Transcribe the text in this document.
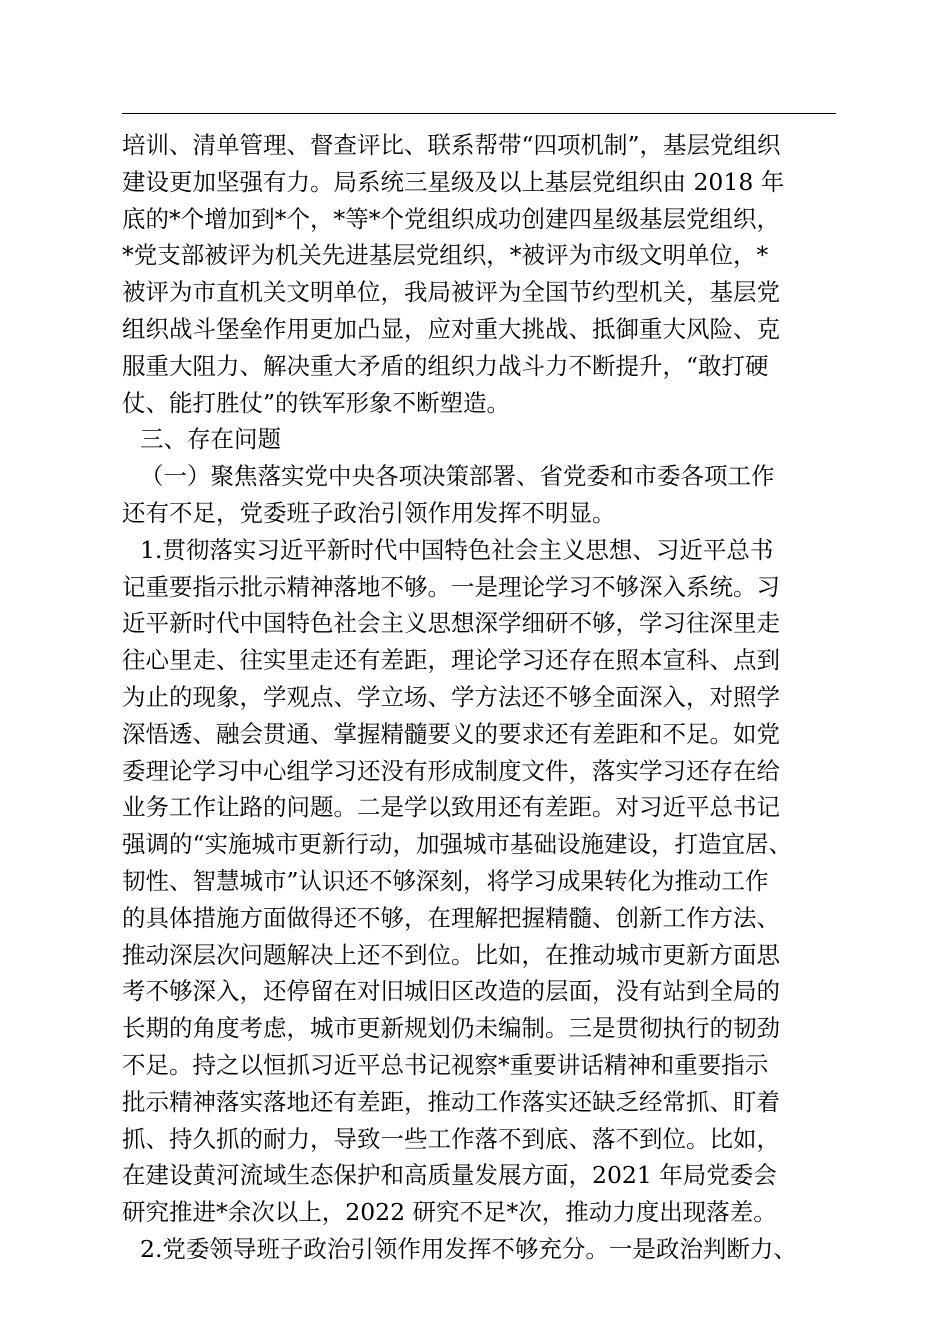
培训、清单管理、督查评比、联系帮带“四项机制”，基层党组织
建设更加坚强有力。局系统三星级及以上基层党组织由 2018 年
底的*个增加到*个，*等*个党组织成功创建四星级基层党组织，
*党支部被评为机关先进基层党组织，*被评为市级文明单位，*
被评为市直机关文明单位，我局被评为全国节约型机关，基层党
组织战斗堡垒作用更加凸显，应对重大挑战、抵御重大风险、克
服重大阻力、解决重大矛盾的组织力战斗力不断提升，“敢打硬
仗、能打胜仗”的铁军形象不断塑造。
三、存在问题
（一）聚焦落实党中央各项决策部署、省党委和市委各项工作
还有不足，党委班子政治引领作用发挥不明显。
1.贯彻落实习近平新时代中国特色社会主义思想、习近平总书
记重要指示批示精神落地不够。一是理论学习不够深入系统。习
近平新时代中国特色社会主义思想深学细研不够，学习往深里走
往心里走、往实里走还有差距，理论学习还存在照本宣科、点到
为止的现象，学观点、学立场、学方法还不够全面深入，对照学
深悟透、融会贯通、掌握精髓要义的要求还有差距和不足。如党
委理论学习中心组学习还没有形成制度文件，落实学习还存在给
业务工作让路的问题。二是学以致用还有差距。对习近平总书记
强调的“实施城市更新行动，加强城市基础设施建设，打造宜居、
韧性、智慧城市”认识还不够深刻，将学习成果转化为推动工作
的具体措施方面做得还不够，在理解把握精髓、创新工作方法、
推动深层次问题解决上还不到位。比如，在推动城市更新方面思
考不够深入，还停留在对旧城旧区改造的层面，没有站到全局的
长期的角度考虑，城市更新规划仍未编制。三是贯彻执行的韧劲
不足。持之以恒抓习近平总书记视察*重要讲话精神和重要指示
批示精神落实落地还有差距，推动工作落实还缺乏经常抓、盯着
抓、持久抓的耐力，导致一些工作落不到底、落不到位。比如，
在建设黄河流域生态保护和高质量发展方面，2021 年局党委会
研究推进*余次以上，2022 研究不足*次，推动力度出现落差。
2.党委领导班子政治引领作用发挥不够充分。一是政治判断力、
